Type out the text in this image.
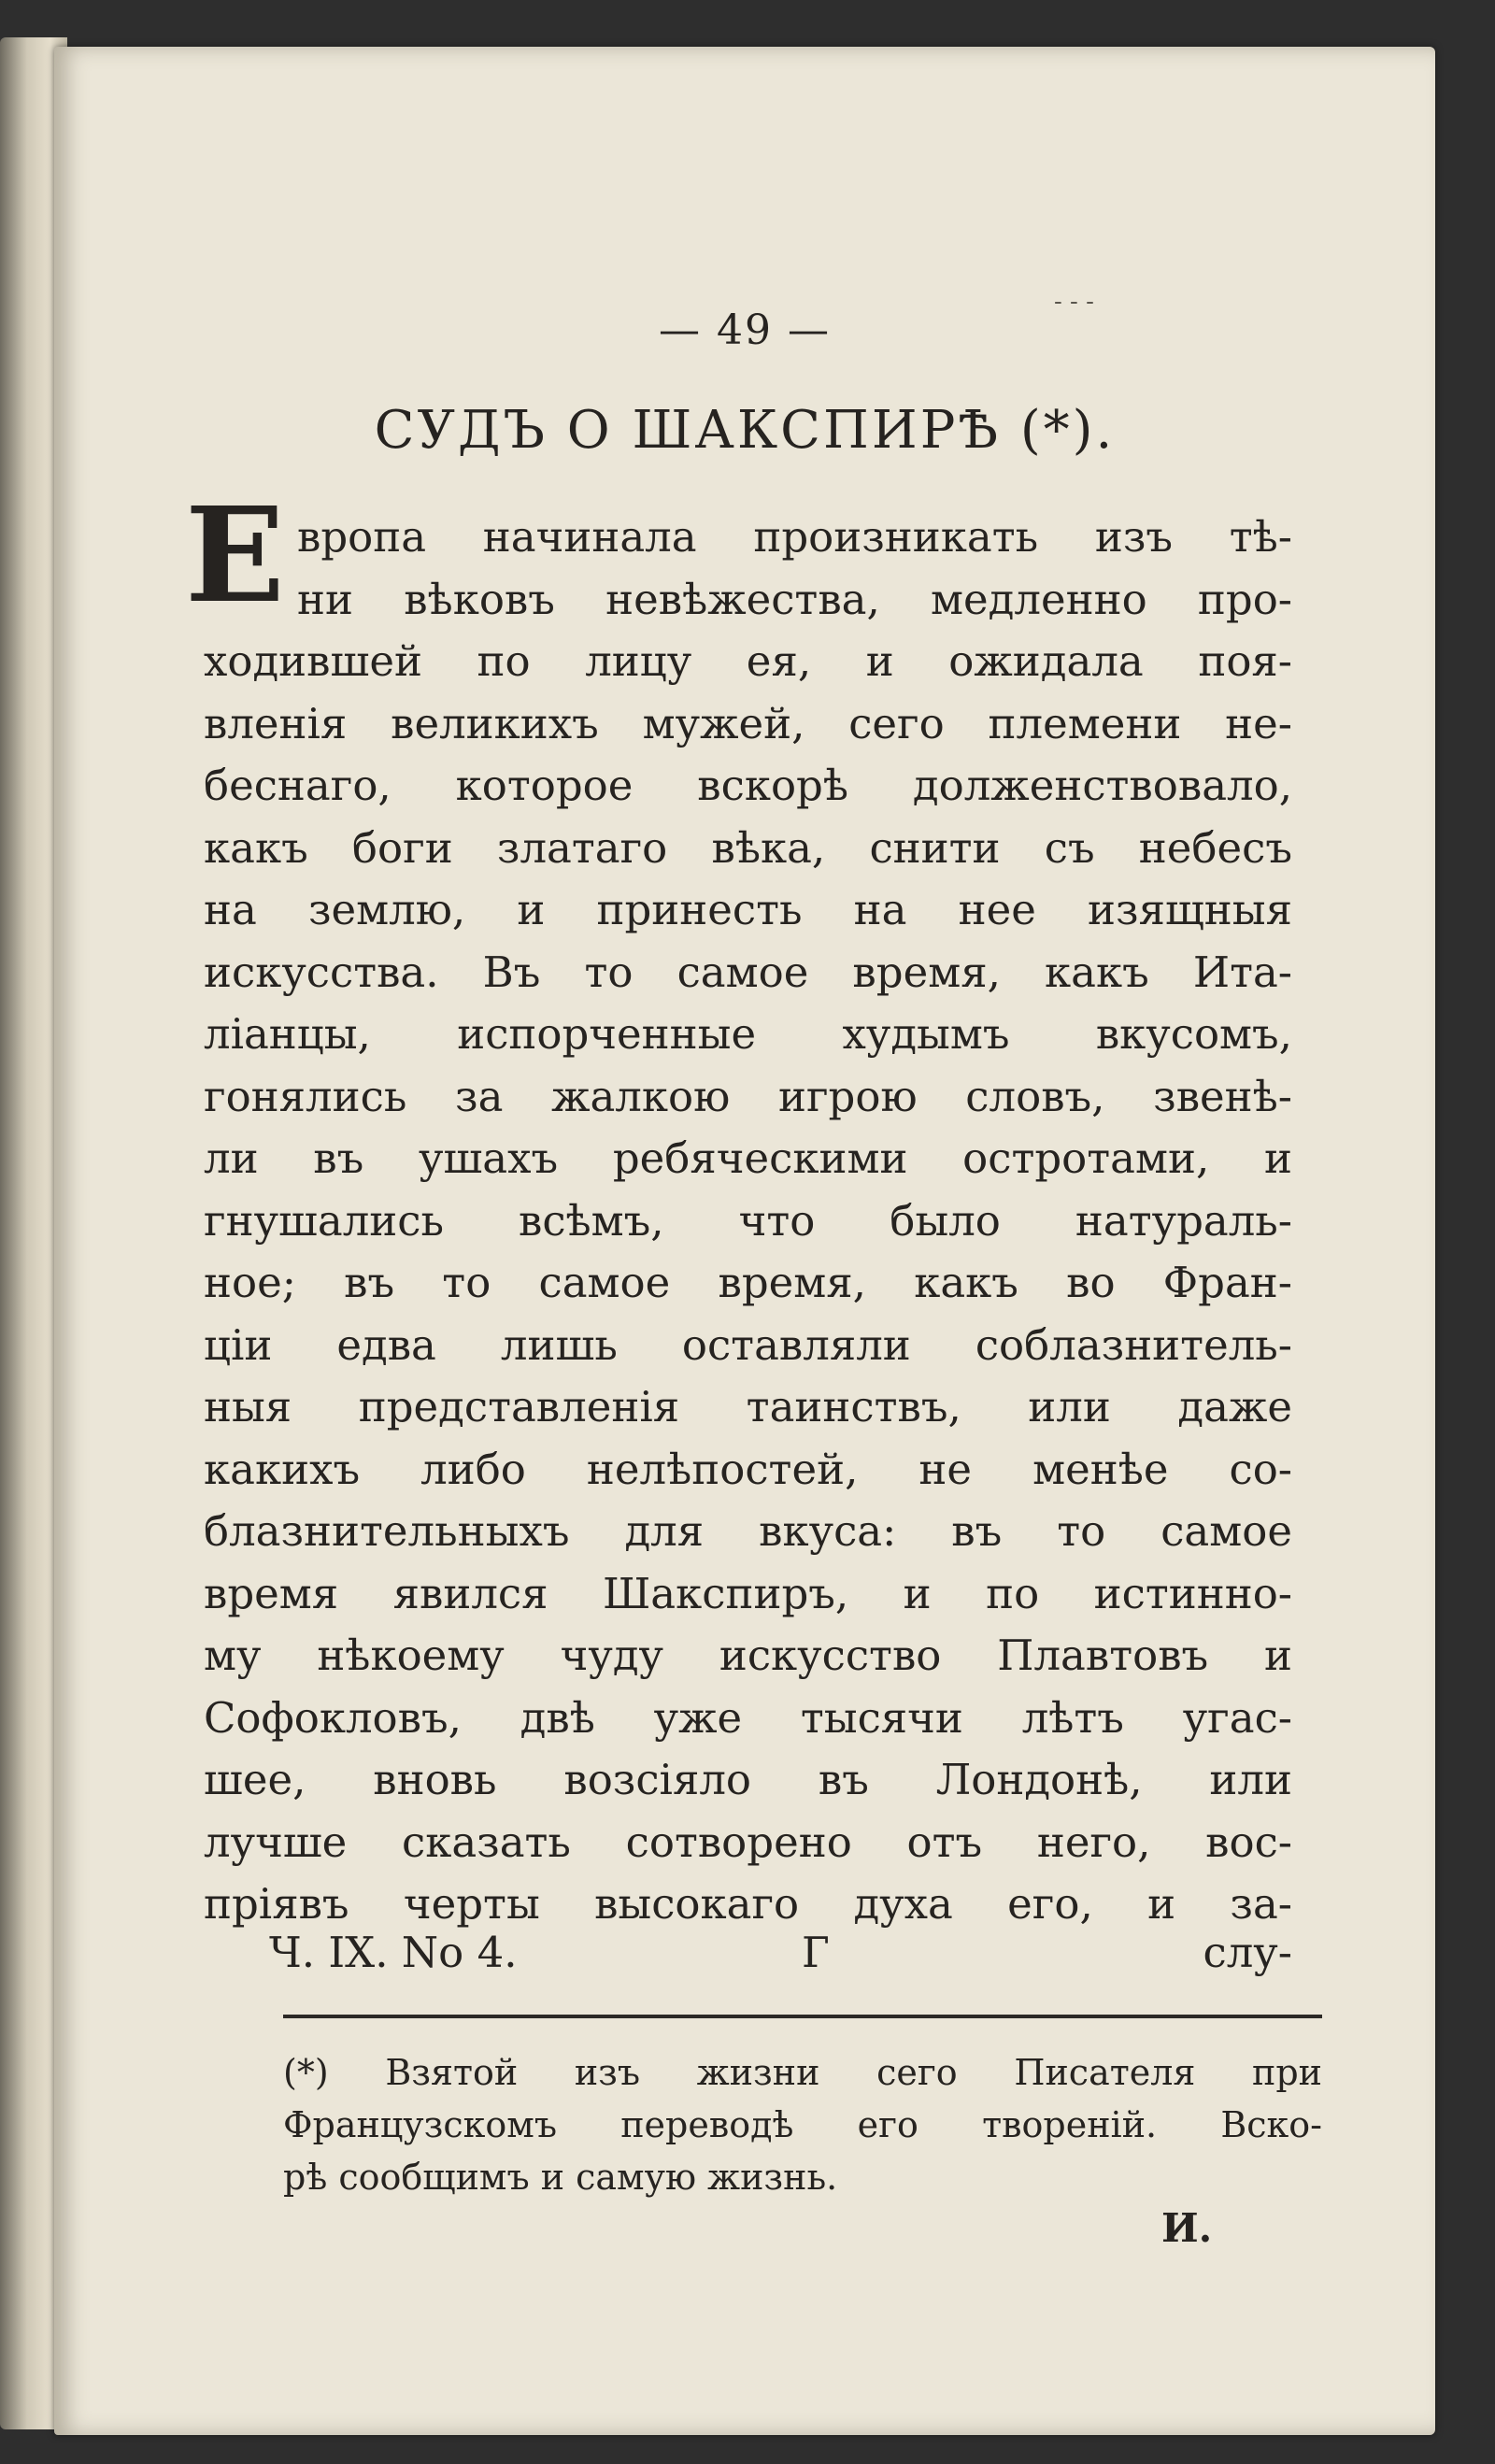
- - -
— 49 —
СУДЪ О ШАКСПИРѢ (*).
Е вропа начинала произникать изъ тѣ-
ни вѣковъ невѣжества, медленно про-
ходившей по лицу ея, и ожидала поя-
вленія великихъ мужей, сего племени не-
беснаго, которое вскорѣ долженствовало,
какъ боги златаго вѣка, снити съ небесъ
на землю, и принесть на нее изящныя
искусства. Въ то самое время, какъ Ита-
ліанцы, испорченные худымъ вкусомъ,
гонялись за жалкою игрою словъ, звенѣ-
ли въ ушахъ ребяческими остротами, и
гнушались всѣмъ, что было натураль-
ное; въ то самое время, какъ во Фран-
ціи едва лишь оставляли соблазнитель-
ныя представленія таинствъ, или даже
какихъ либо нелѣпостей, не менѣе со-
блазнительныхъ для вкуса: въ то самое
время явился Шакспиръ, и по истинно-
му нѣкоему чуду искусство Плавтовъ и
Софокловъ, двѣ уже тысячи лѣтъ угас-
шее, вновь возсіяло въ Лондонѣ, или
лучше сказать сотворено отъ него, вос-
пріявъ черты высокаго духа его, и за-
Ч. IX. No 4.	Г	слу-
(*) Взятой изъ жизни сего Писателя при
Французскомъ переводѣ его твореній. Вско-
рѣ сообщимъ и самую жизнь.
И.
